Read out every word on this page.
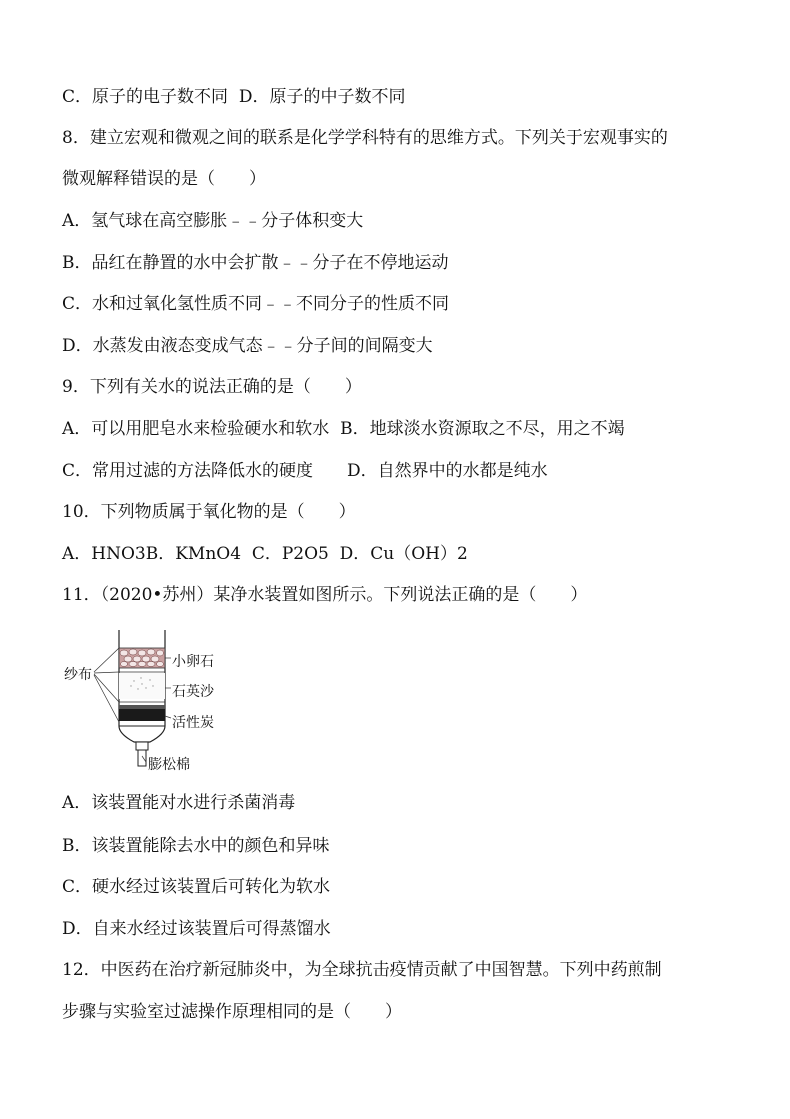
C．原子的电子数不同  D．原子的中子数不同
8．建立宏观和微观之间的联系是化学学科特有的思维方式。下列关于宏观事实的
微观解释错误的是（　　）
A．氢气球在高空膨胀﹣﹣分子体积变大
B．品红在静置的水中会扩散﹣﹣分子在不停地运动
C．水和过氧化氢性质不同﹣﹣不同分子的性质不同
D．水蒸发由液态变成气态﹣﹣分子间的间隔变大
9．下列有关水的说法正确的是（　　）
A．可以用肥皂水来检验硬水和软水  B．地球淡水资源取之不尽，用之不竭
C．常用过滤的方法降低水的硬度　　D．自然界中的水都是纯水
10．下列物质属于氧化物的是（　　）
A．HNO3B．KMnO4  C．P2O5  D．Cu（OH）2
11．（2020•苏州）某净水装置如图所示。下列说法正确的是（　　）
纱布
小卵石
石英沙
活性炭
膨松棉
A．该装置能对水进行杀菌消毒
B．该装置能除去水中的颜色和异味
C．硬水经过该装置后可转化为软水
D．自来水经过该装置后可得蒸馏水
12．中医药在治疗新冠肺炎中，为全球抗击疫情贡献了中国智慧。下列中药煎制
步骤与实验室过滤操作原理相同的是（　　）
